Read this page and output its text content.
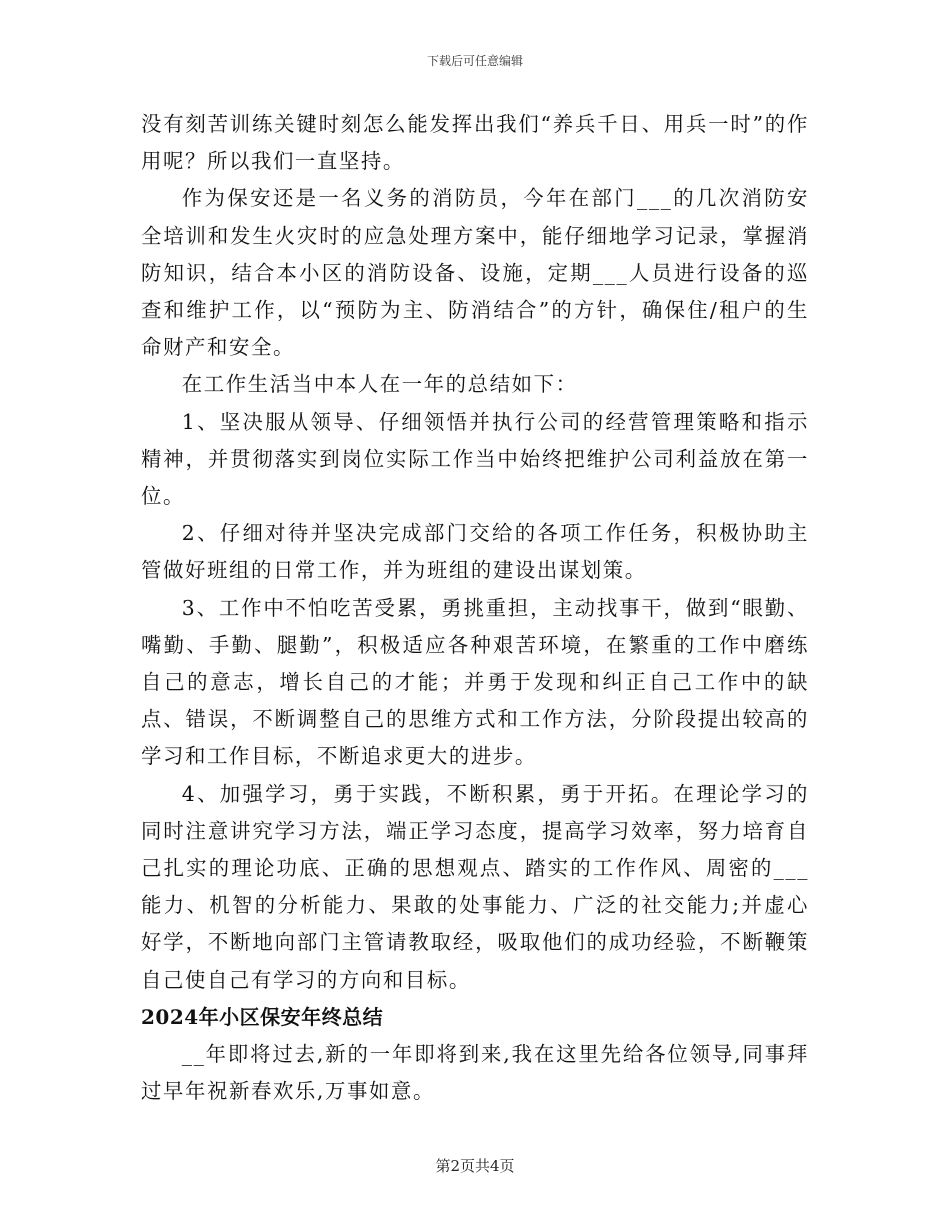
下载后可任意编辑

没有刻苦训练关键时刻怎么能发挥出我们“养兵千日、用兵一时”的作用呢？所以我们一直坚持。

作为保安还是一名义务的消防员，今年在部门___的几次消防安全培训和发生火灾时的应急处理方案中，能仔细地学习记录，掌握消防知识，结合本小区的消防设备、设施，定期___人员进行设备的巡查和维护工作，以“预防为主、防消结合”的方针，确保住/租户的生命财产和安全。

在工作生活当中本人在一年的总结如下：

1、坚决服从领导、仔细领悟并执行公司的经营管理策略和指示精神，并贯彻落实到岗位实际工作当中始终把维护公司利益放在第一位。

2、仔细对待并坚决完成部门交给的各项工作任务，积极协助主管做好班组的日常工作，并为班组的建设出谋划策。

3、工作中不怕吃苦受累，勇挑重担，主动找事干，做到“眼勤、嘴勤、手勤、腿勤”，积极适应各种艰苦环境，在繁重的工作中磨练自己的意志，增长自己的才能；并勇于发现和纠正自己工作中的缺点、错误，不断调整自己的思维方式和工作方法，分阶段提出较高的学习和工作目标，不断追求更大的进步。

4、加强学习，勇于实践，不断积累，勇于开拓。在理论学习的同时注意讲究学习方法，端正学习态度，提高学习效率，努力培育自己扎实的理论功底、正确的思想观点、踏实的工作作风、周密的___能力、机智的分析能力、果敢的处事能力、广泛的社交能力;并虚心好学，不断地向部门主管请教取经，吸取他们的成功经验，不断鞭策自己使自己有学习的方向和目标。

2024年小区保安年终总结

__年即将过去,新的一年即将到来,我在这里先给各位领导,同事拜过早年祝新春欢乐,万事如意。

第2页共4页
